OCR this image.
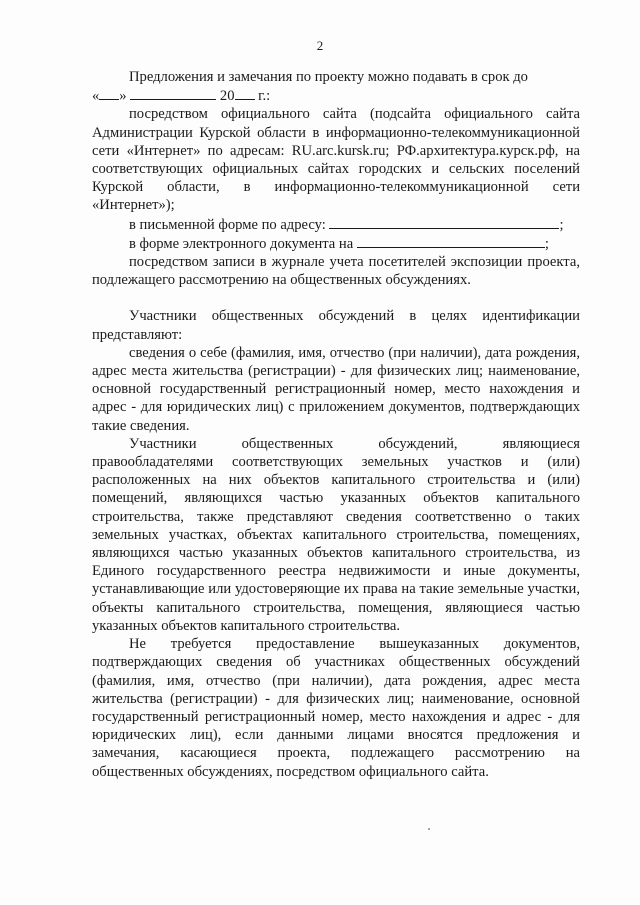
2

Предложения и замечания по проекту можно подавать в срок до

« »	20 г.:

посредством официального сайта (подсайта официального сайта Администрации Курской области в информационно-телекоммуникационной сети «Интернет» по адресам: RU.arc.kursk.ru; РФ.архитектура.курск.рф, на соответствующих официальных сайтах городских и сельских поселений Курской области, в информационно-телекоммуникационной сети «Интернет»);

в письменной форме по адресу:	;

в форме электронного документа на	;

посредством записи в журнале учета посетителей экспозиции проекта, подлежащего рассмотрению на общественных обсуждениях.

Участники общественных обсуждений в целях идентификации представляют:

сведения о себе (фамилия, имя, отчество (при наличии), дата рождения, адрес места жительства (регистрации) - для физических лиц; наименование, основной государственный регистрационный номер, место нахождения и адрес - для юридических лиц) с приложением документов, подтверждающих такие сведения.

Участники общественных обсуждений, являющиеся правообладателями соответствующих земельных участков и (или) расположенных на них объектов капитального строительства и (или) помещений, являющихся частью указанных объектов капитального строительства, также представляют сведения соответственно о таких земельных участках, объектах капитального строительства, помещениях, являющихся частью указанных объектов капитального строительства, из Единого государственного реестра недвижимости и иные документы, устанавливающие или удостоверяющие их права на такие земельные участки, объекты капитального строительства, помещения, являющиеся частью указанных объектов капитального строительства.

Не требуется предоставление вышеуказанных документов, подтверждающих сведения об участниках общественных обсуждений (фамилия, имя, отчество (при наличии), дата рождения, адрес места жительства (регистрации) - для физических лиц; наименование, основной государственный регистрационный номер, место нахождения и адрес - для юридических лиц), если данными лицами вносятся предложения и замечания, касающиеся проекта, подлежащего рассмотрению на общественных обсуждениях, посредством официального сайта.
